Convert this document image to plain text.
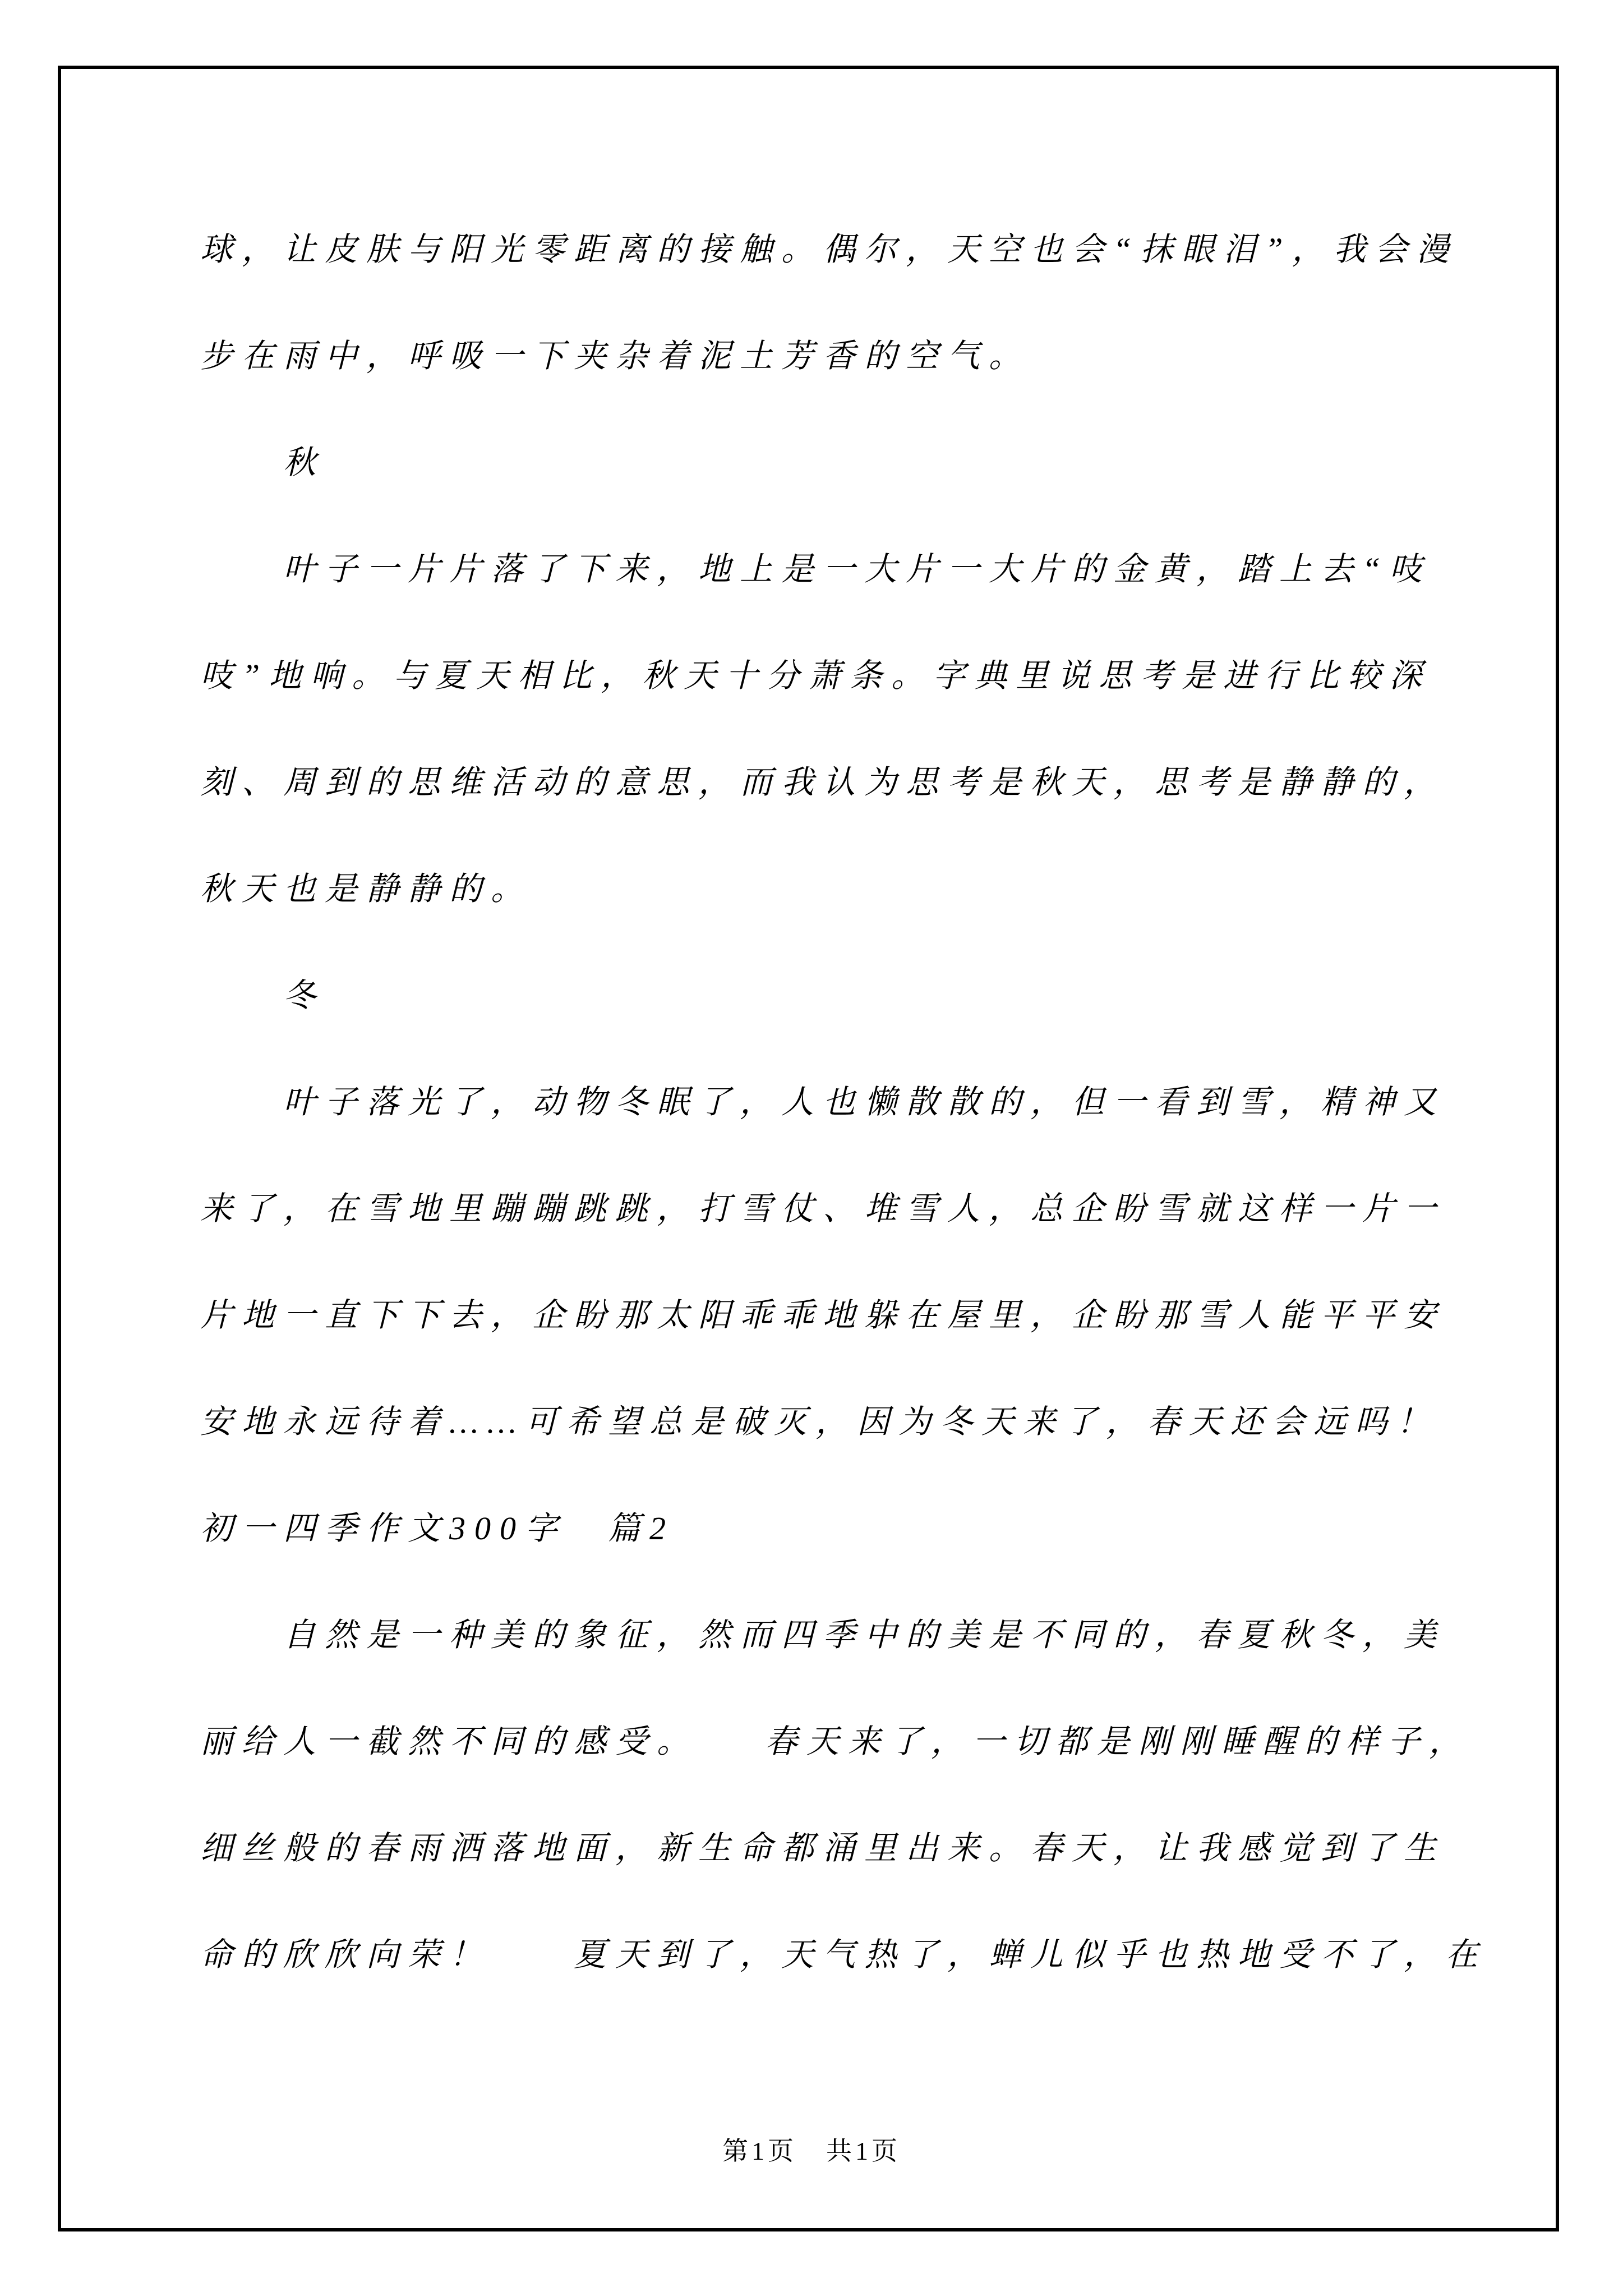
球，让皮肤与阳光零距离的接触。偶尔，天空也会“抹眼泪”，我会漫
步在雨中，呼吸一下夹杂着泥土芳香的空气。
秋
叶子一片片落了下来，地上是一大片一大片的金黄，踏上去“吱
吱”地响。与夏天相比，秋天十分萧条。字典里说思考是进行比较深
刻、周到的思维活动的意思，而我认为思考是秋天，思考是静静的，
秋天也是静静的。
冬
叶子落光了，动物冬眠了，人也懒散散的，但一看到雪，精神又
来了，在雪地里蹦蹦跳跳，打雪仗、堆雪人，总企盼雪就这样一片一
片地一直下下去，企盼那太阳乖乖地躲在屋里，企盼那雪人能平平安
安地永远待着……可希望总是破灭，因为冬天来了，春天还会远吗！
初一四季作文300字　篇2
自然是一种美的象征，然而四季中的美是不同的，春夏秋冬，美
丽给人一截然不同的感受。　　春天来了，一切都是刚刚睡醒的样子，
细丝般的春雨洒落地面，新生命都涌里出来。春天，让我感觉到了生
命的欣欣向荣！　　夏天到了，天气热了，蝉儿似乎也热地受不了，在
第1页　共1页
